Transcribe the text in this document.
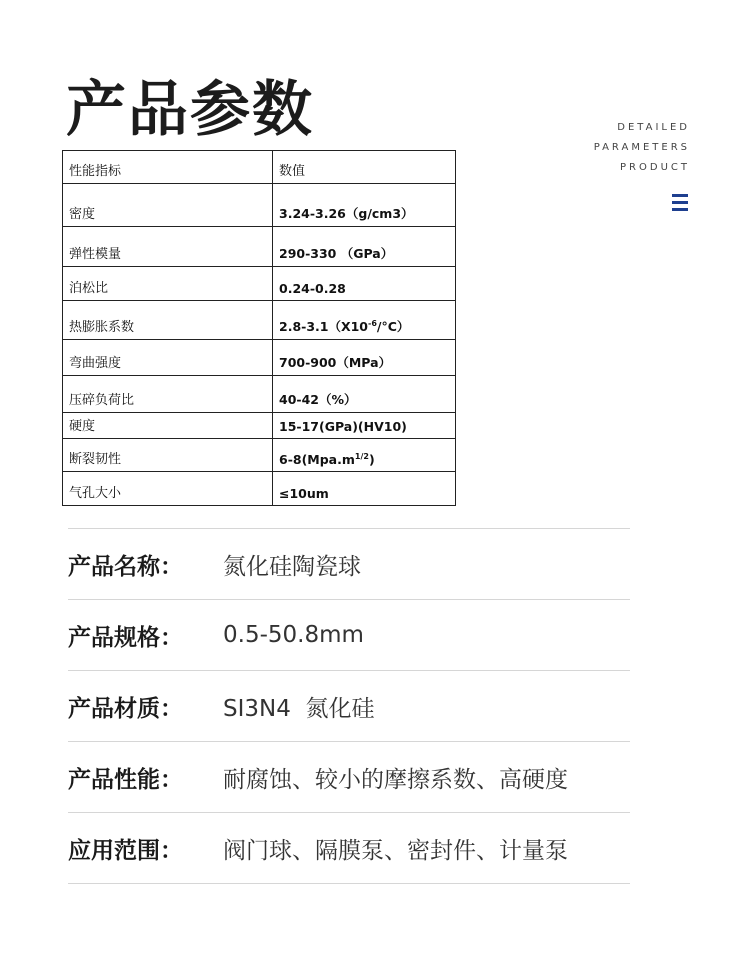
产品参数	DETAILED
PARAMETERS
PRODUCT
性能指标	数值
密度	3.24-3.26（g/cm3）
弹性模量	290-330 （GPa）
泊松比	0.24-0.28
热膨胀系数	$2.8-3.1(X10^{-6}/^\circ C)$
弯曲强度	700-900（MPa）
压碎负荷比	40-42（%）
硬度	15-17(GPa)(HV10)
断裂韧性	$6-8(Mpa.m^{1/2})$
气孔大小	≤10um
产品名称：	氮化硅陶瓷球
产品规格：	0.5-50.8mm
产品材质：	SI3N4  氮化硅
产品性能：	耐腐蚀、较小的摩擦系数、高硬度
应用范围：	阀门球、隔膜泵、密封件、计量泵
